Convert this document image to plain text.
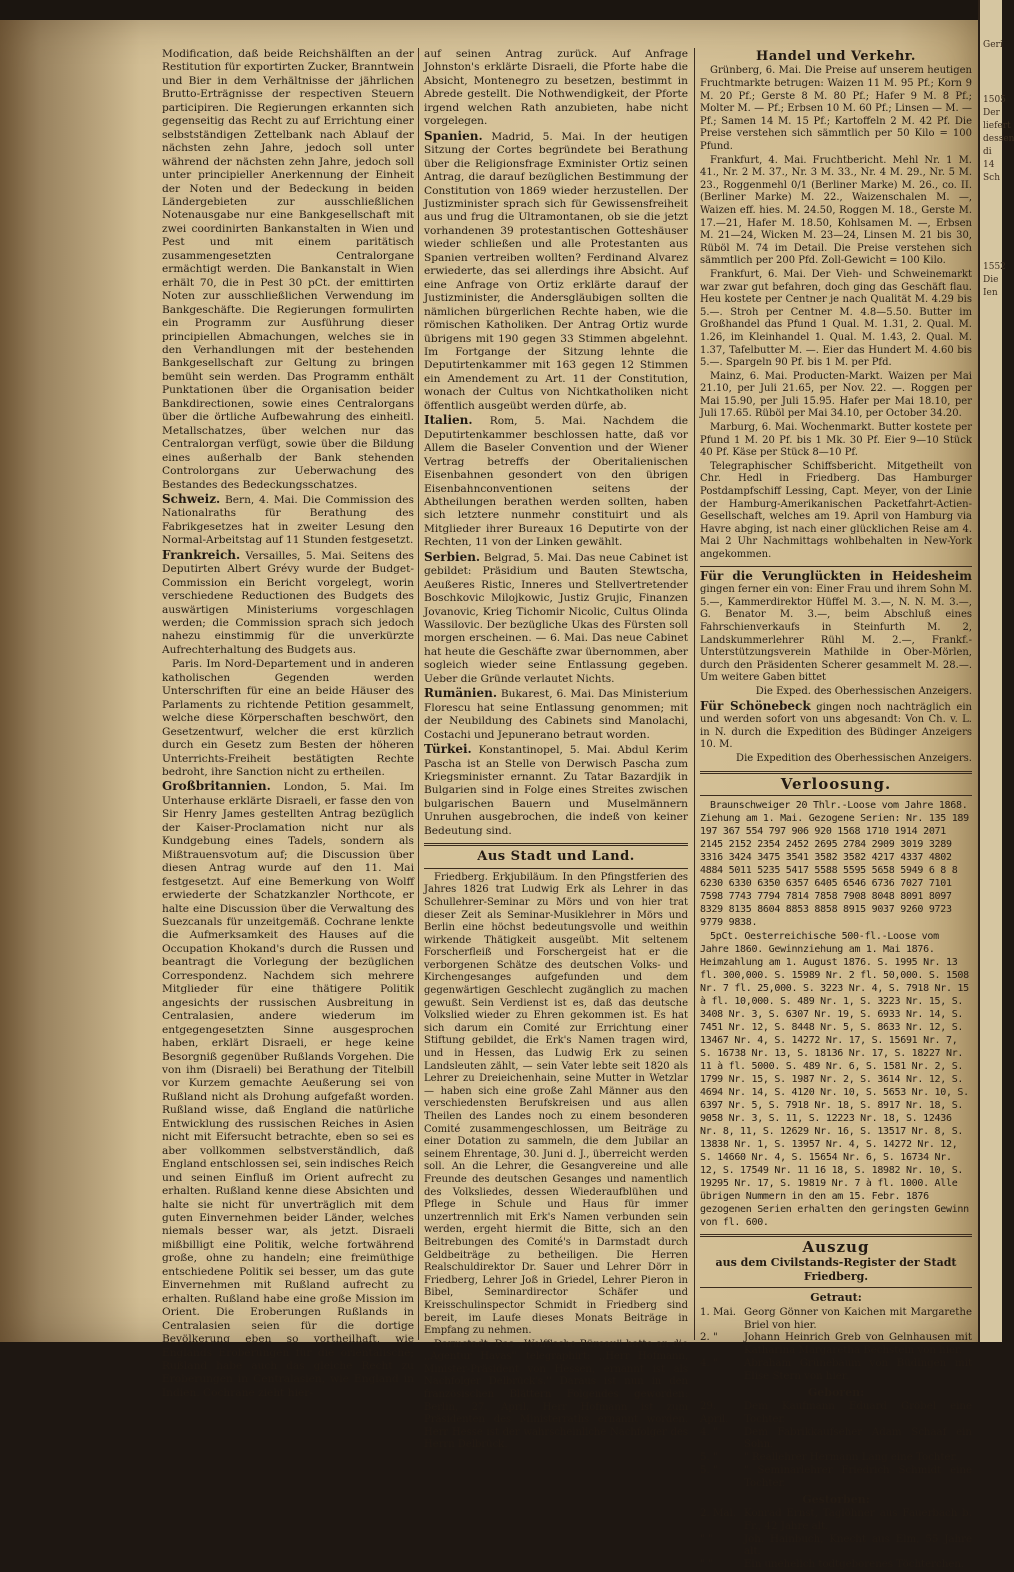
Geri
1505
Der
liefert
dessen
di
14
Sch
1552
Die
Ien

Modification, daß beide Reichshälften an der Restitution für exportirten Zucker, Branntwein und Bier in dem Verhältnisse der jährlichen Brutto-Erträgnisse der respectiven Steuern participiren. Die Regierungen erkannten sich gegenseitig das Recht zu auf Errichtung einer selbstständigen Zettelbank nach Ablauf der nächsten zehn Jahre, jedoch soll unter während der nächsten zehn Jahre, jedoch soll unter principieller Anerkennung der Einheit der Noten und der Bedeckung in beiden Ländergebieten zur ausschließlichen Notenausgabe nur eine Bankgesellschaft mit zwei coordinirten Bankanstalten in Wien und Pest und mit einem paritätisch zusammengesetzten Centralorgane ermächtigt werden. Die Bankanstalt in Wien erhält 70, die in Pest 30 pCt. der emittirten Noten zur ausschließlichen Verwendung im Bankgeschäfte. Die Regierungen formulirten ein Programm zur Ausführung dieser principiellen Abmachungen, welches sie in den Verhandlungen mit der bestehenden Bankgesellschaft zur Geltung zu bringen bemüht sein werden. Das Programm enthält Punktationen über die Organisation beider Bankdirectionen, sowie eines Centralorgans über die örtliche Aufbewahrung des einheitl. Metallschatzes, über welchen nur das Centralorgan verfügt, sowie über die Bildung eines außerhalb der Bank stehenden Controlorgans zur Ueberwachung des Bestandes des Bedeckungsschatzes.

Schweiz. Bern, 4. Mai. Die Commission des Nationalraths für Berathung des Fabrikgesetzes hat in zweiter Lesung den Normal-Arbeitstag auf 11 Stunden festgesetzt.

Frankreich. Versailles, 5. Mai. Seitens des Deputirten Albert Grévy wurde der Budget-Commission ein Bericht vorgelegt, worin verschiedene Reductionen des Budgets des auswärtigen Ministeriums vorgeschlagen werden; die Commission sprach sich jedoch nahezu einstimmig für die unverkürzte Aufrechterhaltung des Budgets aus.

Paris. Im Nord-Departement und in anderen katholischen Gegenden werden Unterschriften für eine an beide Häuser des Parlaments zu richtende Petition gesammelt, welche diese Körperschaften beschwört, den Gesetzentwurf, welcher die erst kürzlich durch ein Gesetz zum Besten der höheren Unterrichts-Freiheit bestätigten Rechte bedroht, ihre Sanction nicht zu ertheilen.

Großbritannien. London, 5. Mai. Im Unterhause erklärte Disraeli, er fasse den von Sir Henry James gestellten Antrag bezüglich der Kaiser-Proclamation nicht nur als Kundgebung eines Tadels, sondern als Mißtrauensvotum auf; die Discussion über diesen Antrag wurde auf den 11. Mai festgesetzt. Auf eine Bemerkung von Wolff erwiederte der Schatzkanzler Northcote, er halte eine Discussion über die Verwaltung des Suezcanals für unzeitgemäß. Cochrane lenkte die Aufmerksamkeit des Hauses auf die Occupation Khokand's durch die Russen und beantragt die Vorlegung der bezüglichen Correspondenz. Nachdem sich mehrere Mitglieder für eine thätigere Politik angesichts der russischen Ausbreitung in Centralasien, andere wiederum im entgegengesetzten Sinne ausgesprochen haben, erklärt Disraeli, er hege keine Besorgniß gegenüber Rußlands Vorgehen. Die von ihm (Disraeli) bei Berathung der Titelbill vor Kurzem gemachte Aeußerung sei von Rußland nicht als Drohung aufgefaßt worden. Rußland wisse, daß England die natürliche Entwicklung des russischen Reiches in Asien nicht mit Eifersucht betrachte, eben so sei es aber vollkommen selbstverständlich, daß England entschlossen sei, sein indisches Reich und seinen Einfluß im Orient aufrecht zu erhalten. Rußland kenne diese Absichten und halte sie nicht für unverträglich mit dem guten Einvernehmen beider Länder, welches niemals besser war, als jetzt. Disraeli mißbilligt eine Politik, welche fortwährend große, ohne zu handeln; eine freimüthige entschiedene Politik sei besser, um das gute Einvernehmen mit Rußland aufrecht zu erhalten. Rußland habe eine große Mission im Orient. Die Eroberungen Rußlands in Centralasien seien für die dortige Bevölkerung eben so vortheilhaft, wie Englands Eroberungen für die orientalische; Rußland habe auch das gleiche Recht zu Eroberungen in Centralasien, wie England in Indien. Cochrane zieht hier-

auf seinen Antrag zurück. Auf Anfrage Johnston's erklärte Disraeli, die Pforte habe die Absicht, Montenegro zu besetzen, bestimmt in Abrede gestellt. Die Nothwendigkeit, der Pforte irgend welchen Rath anzubieten, habe nicht vorgelegen.

Spanien. Madrid, 5. Mai. In der heutigen Sitzung der Cortes begründete bei Berathung über die Religionsfrage Exminister Ortiz seinen Antrag, die darauf bezüglichen Bestimmung der Constitution von 1869 wieder herzustellen. Der Justizminister sprach sich für Gewissensfreiheit aus und frug die Ultramontanen, ob sie die jetzt vorhandenen 39 protestantischen Gotteshäuser wieder schließen und alle Protestanten aus Spanien vertreiben wollten? Ferdinand Alvarez erwiederte, das sei allerdings ihre Absicht. Auf eine Anfrage von Ortiz erklärte darauf der Justizminister, die Andersgläubigen sollten die nämlichen bürgerlichen Rechte haben, wie die römischen Katholiken. Der Antrag Ortiz wurde übrigens mit 190 gegen 33 Stimmen abgelehnt. Im Fortgange der Sitzung lehnte die Deputirtenkammer mit 163 gegen 12 Stimmen ein Amendement zu Art. 11 der Constitution, wonach der Cultus von Nichtkatholiken nicht öffentlich ausgeübt werden dürfe, ab.

Italien. Rom, 5. Mai. Nachdem die Deputirtenkammer beschlossen hatte, daß vor Allem die Baseler Convention und der Wiener Vertrag betreffs der Oberitalienischen Eisenbahnen gesondert von den übrigen Eisenbahnconventionen seitens der Abtheilungen berathen werden sollten, haben sich letztere nunmehr constituirt und als Mitglieder ihrer Bureaux 16 Deputirte von der Rechten, 11 von der Linken gewählt.

Serbien. Belgrad, 5. Mai. Das neue Cabinet ist gebildet: Präsidium und Bauten Stewtscha, Aeußeres Ristic, Inneres und Stellvertretender Boschkovic Milojkowic, Justiz Grujic, Finanzen Jovanovic, Krieg Tichomir Nicolic, Cultus Olinda Wassilovic. Der bezügliche Ukas des Fürsten soll morgen erscheinen. — 6. Mai. Das neue Cabinet hat heute die Geschäfte zwar übernommen, aber sogleich wieder seine Entlassung gegeben. Ueber die Gründe verlautet Nichts.

Rumänien. Bukarest, 6. Mai. Das Ministerium Florescu hat seine Entlassung genommen; mit der Neubildung des Cabinets sind Manolachi, Costachi und Jepunerano betraut worden.

Türkei. Konstantinopel, 5. Mai. Abdul Kerim Pascha ist an Stelle von Derwisch Pascha zum Kriegsminister ernannt. Zu Tatar Bazardjik in Bulgarien sind in Folge eines Streites zwischen bulgarischen Bauern und Muselmännern Unruhen ausgebrochen, die indeß von keiner Bedeutung sind.

Aus Stadt und Land.

Friedberg. Erkjubiläum. In den Pfingstferien des Jahres 1826 trat Ludwig Erk als Lehrer in das Schullehrer-Seminar zu Mörs und von hier trat dieser Zeit als Seminar-Musiklehrer in Mörs und Berlin eine höchst bedeutungsvolle und weithin wirkende Thätigkeit ausgeübt. Mit seltenem Forscherfleiß und Forschergeist hat er die verborgenen Schätze des deutschen Volks- und Kirchengesanges aufgefunden und dem gegenwärtigen Geschlecht zugänglich zu machen gewußt. Sein Verdienst ist es, daß das deutsche Volkslied wieder zu Ehren gekommen ist. Es hat sich darum ein Comité zur Errichtung einer Stiftung gebildet, die Erk's Namen tragen wird, und in Hessen, das Ludwig Erk zu seinen Landsleuten zählt, — sein Vater lebte seit 1820 als Lehrer zu Dreieichenhain, seine Mutter in Wetzlar — haben sich eine große Zahl Männer aus den verschiedensten Berufskreisen und aus allen Theilen des Landes noch zu einem besonderen Comité zusammengeschlossen, um Beiträge zu einer Dotation zu sammeln, die dem Jubilar an seinem Ehrentage, 30. Juni d. J., überreicht werden soll. An die Lehrer, die Gesangvereine und alle Freunde des deutschen Gesanges und namentlich des Volksliedes, dessen Wiederaufblühen und Pflege in Schule und Haus für immer unzertrennlich mit Erk's Namen verbunden sein werden, ergeht hiermit die Bitte, sich an den Beitrebungen des Comité's in Darmstadt durch Geldbeiträge zu betheiligen. Die Herren Realschuldirektor Dr. Sauer und Lehrer Dörr in Friedberg, Lehrer Joß in Griedel, Lehrer Pieron in Bibel, Seminardirector Schäfer und Kreisschulinspector Schmidt in Friedberg sind bereit, im Laufe dieses Monats Beiträge in Empfang zu nehmen.

Darmstadt. Das ,,Wolff'sche Büreau'' hatte an die ,,Agentur Havas'' telegraphirt: ,,Herr Hofmann, Minister-Präsident von Hessen, ernannt ist als Nachfolger Delbrück's.'' Daraus ist nun in den französischen Blättern Folgendes geworden: Berlin, 27. April. Herr Hofmann ist zum Präsidenten des Ministerraths ernannt worden. Herr Hesse ist der wahrscheinliche Nachfolger des Herrn Delbrück.

Handel und Verkehr.

Grünberg, 6. Mai. Die Preise auf unserem heutigen Fruchtmarkte betrugen: Waizen 11 M. 95 Pf.; Korn 9 M. 20 Pf.; Gerste 8 M. 80 Pf.; Hafer 9 M. 8 Pf.; Molter M. — Pf.; Erbsen 10 M. 60 Pf.; Linsen — M. — Pf.; Samen 14 M. 15 Pf.; Kartoffeln 2 M. 42 Pf. Die Preise verstehen sich sämmtlich per 50 Kilo = 100 Pfund.

Frankfurt, 4. Mai. Fruchtbericht. Mehl Nr. 1 M. 41., Nr. 2 M. 37., Nr. 3 M. 33., Nr. 4 M. 29., Nr. 5 M. 23., Roggenmehl 0/1 (Berliner Marke) M. 26., co. II. (Berliner Marke) M. 22., Waizenschalen M. —, Waizen eff. hies. M. 24.50, Roggen M. 18., Gerste M. 17.—21, Hafer M. 18.50, Kohlsamen M. —, Erbsen M. 21—24, Wicken M. 23—24, Linsen M. 21 bis 30, Rüböl M. 74 im Detail. Die Preise verstehen sich sämmtlich per 200 Pfd. Zoll-Gewicht = 100 Kilo.

Frankfurt, 6. Mai. Der Vieh- und Schweinemarkt war zwar gut befahren, doch ging das Geschäft flau. Heu kostete per Centner je nach Qualität M. 4.29 bis 5.—. Stroh per Centner M. 4.8—5.50. Butter im Großhandel das Pfund 1 Qual. M. 1.31, 2. Qual. M. 1.26, im Kleinhandel 1. Qual. M. 1.43, 2. Qual. M. 1.37, Tafelbutter M. —. Eier das Hundert M. 4.60 bis 5.—. Spargeln 90 Pf. bis 1 M. per Pfd.

Mainz, 6. Mai. Producten-Markt. Waizen per Mai 21.10, per Juli 21.65, per Nov. 22. —. Roggen per Mai 15.90, per Juli 15.95. Hafer per Mai 18.10, per Juli 17.65. Rüböl per Mai 34.10, per October 34.20.

Marburg, 6. Mai. Wochenmarkt. Butter kostete per Pfund 1 M. 20 Pf. bis 1 Mk. 30 Pf. Eier 9—10 Stück 40 Pf. Käse per Stück 8—10 Pf.

Telegraphischer Schiffsbericht. Mitgetheilt von Chr. Hedl in Friedberg. Das Hamburger Postdampfschiff Lessing, Capt. Meyer, von der Linie der Hamburg-Amerikanischen Packetfahrt-Actien-Gesellschaft, welches am 19. April von Hamburg via Havre abging, ist nach einer glücklichen Reise am 4. Mai 2 Uhr Nachmittags wohlbehalten in New-York angekommen.

Für die Verunglückten in Heidesheim gingen ferner ein von: Einer Frau und ihrem Sohn M. 5.—, Kammerdirektor Hüffel M. 3.—, N. N. M. 3.—, G. Benator M. 3.—, beim Abschluß eines Fahrschienverkaufs in Steinfurth M. 2, Landskummerlehrer Rühl M. 2.—, Frankf.-Unterstützungsverein Mathilde in Ober-Mörlen, durch den Präsidenten Scherer gesammelt M. 28.—. Um weitere Gaben bittet

Die Exped. des Oberhessischen Anzeigers.

Für Schönebeck gingen noch nachträglich ein und werden sofort von uns abgesandt: Von Ch. v. L. in N. durch die Expedition des Büdinger Anzeigers 10. M.

Die Expedition des Oberhessischen Anzeigers.

Verloosung.

Braunschweiger 20 Thlr.-Loose vom Jahre 1868. Ziehung am 1. Mai. Gezogene Serien: Nr. 135 189 197 367 554 797 906 920 1568 1710 1914 2071 2145 2152 2354 2452 2695 2784 2909 3019 3289 3316 3424 3475 3541 3582 3582 4217 4337 4802 4884 5011 5235 5417 5588 5595 5658 5949 6 8 8 6230 6330 6350 6357 6405 6546 6736 7027 7101 7598 7743 7794 7814 7858 7908 8048 8091 8097 8329 8135 8604 8853 8858 8915 9037 9260 9723 9779 9838.

5pCt. Oesterreichische 500-fl.-Loose vom Jahre 1860. Gewinnziehung am 1. Mai 1876. Heimzahlung am 1. August 1876. S. 1995 Nr. 13 fl. 300,000. S. 15989 Nr. 2 fl. 50,000. S. 1508 Nr. 7 fl. 25,000. S. 3223 Nr. 4, S. 7918 Nr. 15 à fl. 10,000. S. 489 Nr. 1, S. 3223 Nr. 15, S. 3408 Nr. 3, S. 6307 Nr. 19, S. 6933 Nr. 14, S. 7451 Nr. 12, S. 8448 Nr. 5, S. 8633 Nr. 12, S. 13467 Nr. 4, S. 14272 Nr. 17, S. 15691 Nr. 7, S. 16738 Nr. 13, S. 18136 Nr. 17, S. 18227 Nr. 11 à fl. 5000. S. 489 Nr. 6, S. 1581 Nr. 2, S. 1799 Nr. 15, S. 1987 Nr. 2, S. 3614 Nr. 12, S. 4694 Nr. 14, S. 4120 Nr. 10, S. 5653 Nr. 10, S. 6397 Nr. 5, S. 7918 Nr. 18, S. 8917 Nr. 18, S. 9058 Nr. 3, S. 11, S. 12223 Nr. 18, S. 12436 Nr. 8, 11, S. 12629 Nr. 16, S. 13517 Nr. 8, S. 13838 Nr. 1, S. 13957 Nr. 4, S. 14272 Nr. 12, S. 14660 Nr. 4, S. 15654 Nr. 6, S. 16734 Nr. 12, S. 17549 Nr. 11 16 18, S. 18982 Nr. 10, S. 19295 Nr. 17, S. 19819 Nr. 7 à fl. 1000. Alle übrigen Nummern in den am 15. Febr. 1876 gezogenen Serien erhalten den geringsten Gewinn von fl. 600.

Auszug
aus dem Civilstands-Register der Stadt Friedberg.
Getraut:
1. Mai. Georg Gönner von Kaichen mit Margarethe Briel von hier.
2. "	Johann Heinrich Greb von Gelnhausen mit Katharina Margaretha Bechstein von hier.
4. "	Abraham Grünebaum von Büdingen mit Elise Stern von hier.
Geboren:
29. April.
Dem Kaufmann Eduard Gröbel eine Tochter.
4. "	Dem Fabrikkaufseher Adam Schaaf ein Sohn.
5. "	" Reallehrer Hermann Lang eine Tochter.
5. "	" Seminarlehrer Friedrich Schmidt eine Tochter.
Gestorben:
2. Mai. Konrad Ernst, Taglöhner aus Fauerbach b. Fr., 42 Jahre alt.
" "	Joh. Hainbuch, Knecht aus Elm, 55 Jahre alt.
" "	Ein unehelich todtgeborenes Töchterchen.
